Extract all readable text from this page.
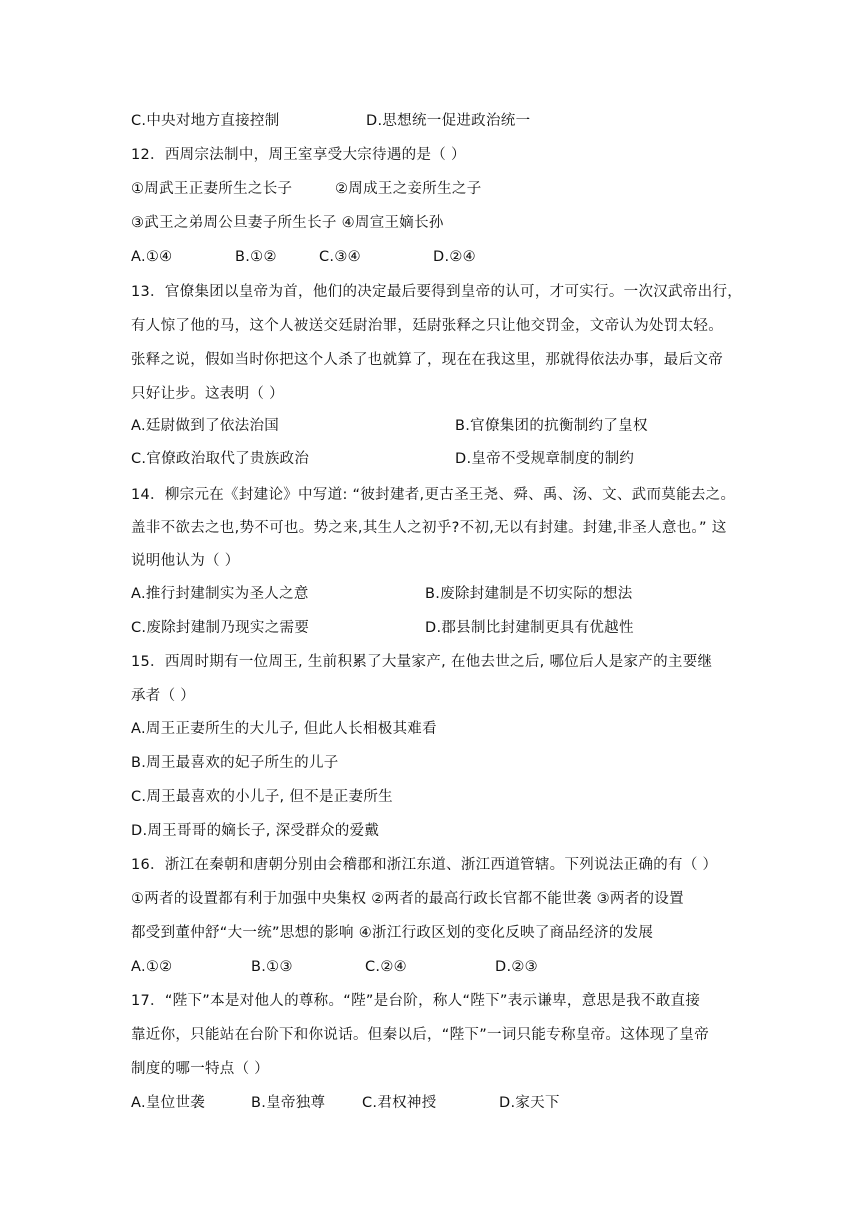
C.中央对地方直接控制	D.思想统一促进政治统一
12．西周宗法制中，周王室享受大宗待遇的是（ ）
①周武王正妻所生之长子	②周成王之妾所生之子
③武王之弟周公旦妻子所生长子 ④周宣王嫡长孙
A.①④	B.①②	C.③④	D.②④
13．官僚集团以皇帝为首，他们的决定最后要得到皇帝的认可，才可实行。一次汉武帝出行，
有人惊了他的马，这个人被送交廷尉治罪，廷尉张释之只让他交罚金，文帝认为处罚太轻。
张释之说，假如当时你把这个人杀了也就算了，现在在我这里，那就得依法办事，最后文帝
只好让步。这表明（ ）
A.廷尉做到了依法治国	B.官僚集团的抗衡制约了皇权
C.官僚政治取代了贵族政治	D.皇帝不受规章制度的制约
14．柳宗元在《封建论》中写道: “彼封建者,更古圣王尧、舜、禹、汤、文、武而莫能去之。
盖非不欲去之也,势不可也。势之来,其生人之初乎?不初,无以有封建。封建,非圣人意也。” 这
说明他认为（ ）
A.推行封建制实为圣人之意	B.废除封建制是不切实际的想法
C.废除封建制乃现实之需要	D.郡县制比封建制更具有优越性
15．西周时期有一位周王, 生前积累了大量家产, 在他去世之后, 哪位后人是家产的主要继
承者（ ）
A.周王正妻所生的大儿子, 但此人长相极其难看
B.周王最喜欢的妃子所生的儿子
C.周王最喜欢的小儿子, 但不是正妻所生
D.周王哥哥的嫡长子, 深受群众的爱戴
16．浙江在秦朝和唐朝分别由会稽郡和浙江东道、浙江西道管辖。下列说法正确的有（ ）
①两者的设置都有利于加强中央集权 ②两者的最高行政长官都不能世袭 ③两者的设置
都受到董仲舒“大一统”思想的影响 ④浙江行政区划的变化反映了商品经济的发展
A.①②	B.①③	C.②④	D.②③
17．“陛下”本是对他人的尊称。“陛”是台阶，称人“陛下”表示谦卑，意思是我不敢直接
靠近你，只能站在台阶下和你说话。但秦以后，“陛下”一词只能专称皇帝。这体现了皇帝
制度的哪一特点（ ）
A.皇位世袭	B.皇帝独尊	C.君权神授	D.家天下
